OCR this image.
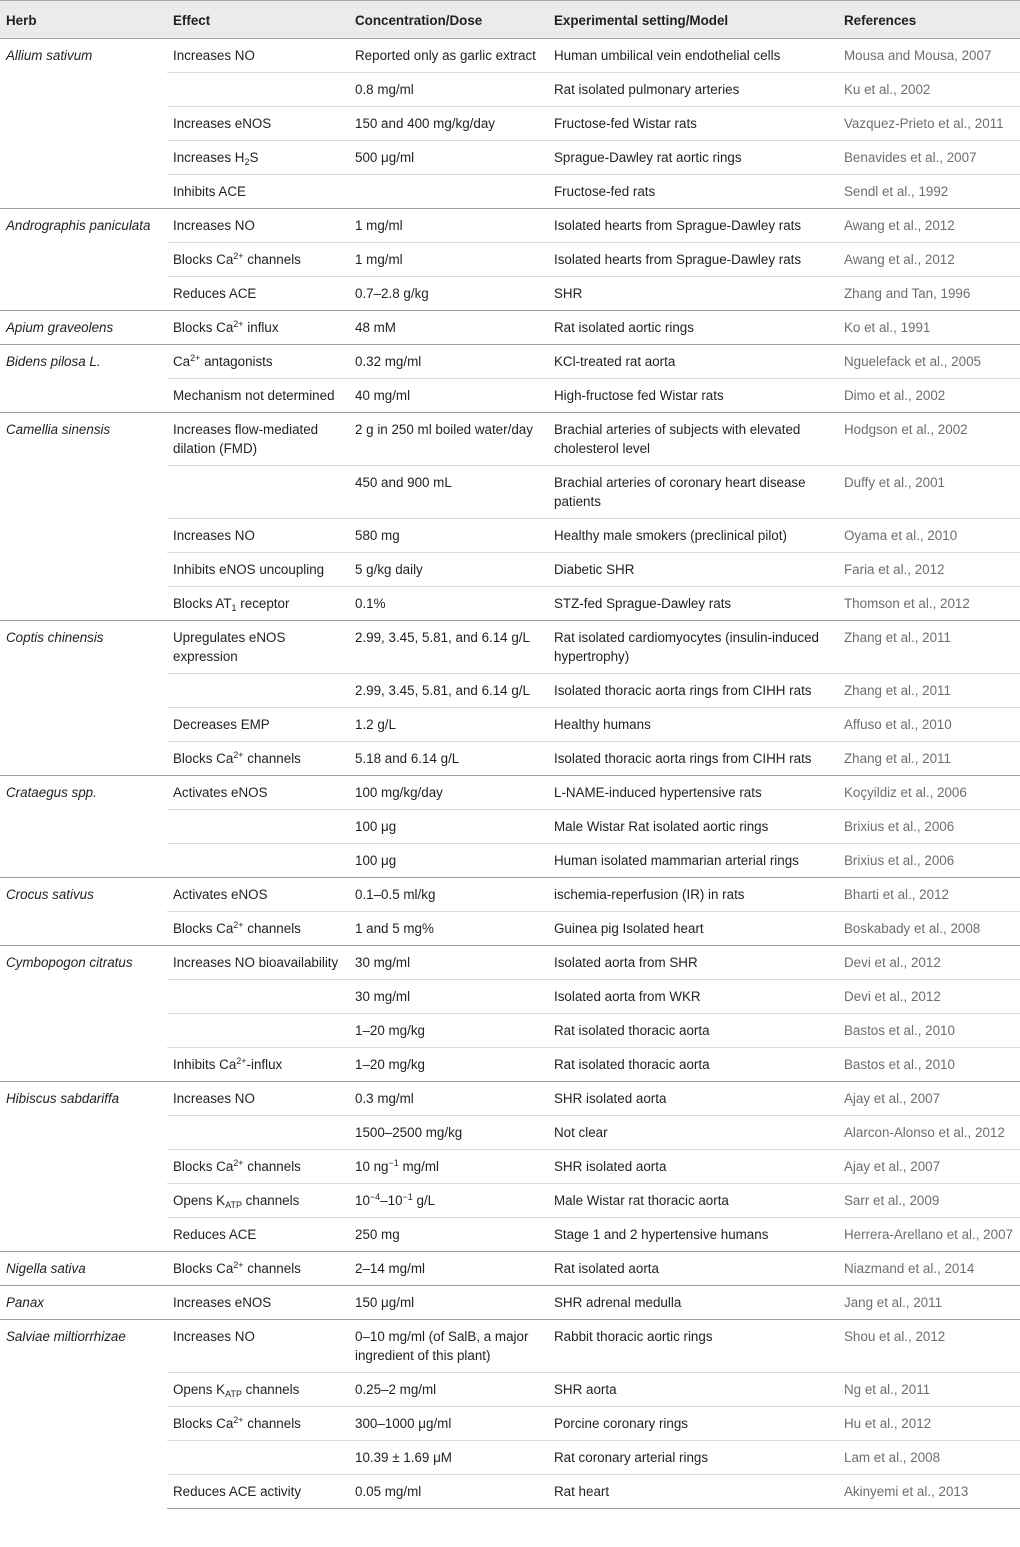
Herb	Effect	Concentration/Dose	Experimental setting/Model	References
Allium sativum	Increases NO	Reported only as garlic extract	Human umbilical vein endothelial cells	Mousa and Mousa, 2007
		0.8 mg/ml	Rat isolated pulmonary arteries	Ku et al., 2002
	Increases eNOS	150 and 400 mg/kg/day	Fructose-fed Wistar rats	Vazquez-Prieto et al., 2011
	Increases $H_2S$	500 μg/ml	Sprague-Dawley rat aortic rings	Benavides et al., 2007
	Inhibits ACE		Fructose-fed rats	Sendl et al., 1992
Andrographis paniculata	Increases NO	1 mg/ml	Isolated hearts from Sprague-Dawley rats	Awang et al., 2012
	Blocks $Ca^{2+}$ channels	1 mg/ml	Isolated hearts from Sprague-Dawley rats	Awang et al., 2012
	Reduces ACE	0.7–2.8 g/kg	SHR	Zhang and Tan, 1996
Apium graveolens	Blocks $Ca^{2+}$ influx	48 mM	Rat isolated aortic rings	Ko et al., 1991
Bidens pilosa L.	$Ca^{2+}$ antagonists	0.32 mg/ml	KCl-treated rat aorta	Nguelefack et al., 2005
	Mechanism not determined	40 mg/ml	High-fructose fed Wistar rats	Dimo et al., 2002
Camellia sinensis	Increases flow-mediated dilation (FMD)	2 g in 250 ml boiled water/day	Brachial arteries of subjects with elevated cholesterol level	Hodgson et al., 2002
		450 and 900 mL	Brachial arteries of coronary heart disease patients	Duffy et al., 2001
	Increases NO	580 mg	Healthy male smokers (preclinical pilot)	Oyama et al., 2010
	Inhibits eNOS uncoupling	5 g/kg daily	Diabetic SHR	Faria et al., 2012
	Blocks $AT_1$ receptor	0.1%	STZ-fed Sprague-Dawley rats	Thomson et al., 2012
Coptis chinensis	Upregulates eNOS expression	2.99, 3.45, 5.81, and 6.14 g/L	Rat isolated cardiomyocytes (insulin-induced hypertrophy)	Zhang et al., 2011
		2.99, 3.45, 5.81, and 6.14 g/L	Isolated thoracic aorta rings from CIHH rats	Zhang et al., 2011
	Decreases EMP	1.2 g/L	Healthy humans	Affuso et al., 2010
	Blocks $Ca^{2+}$ channels	5.18 and 6.14 g/L	Isolated thoracic aorta rings from CIHH rats	Zhang et al., 2011
Crataegus spp.	Activates eNOS	100 mg/kg/day	L-NAME-induced hypertensive rats	Koçyildiz et al., 2006
		100 μg	Male Wistar Rat isolated aortic rings	Brixius et al., 2006
		100 μg	Human isolated mammarian arterial rings	Brixius et al., 2006
Crocus sativus	Activates eNOS	0.1–0.5 ml/kg	ischemia-reperfusion (IR) in rats	Bharti et al., 2012
	Blocks $Ca^{2+}$ channels	1 and 5 mg%	Guinea pig Isolated heart	Boskabady et al., 2008
Cymbopogon citratus	Increases NO bioavailability	30 mg/ml	Isolated aorta from SHR	Devi et al., 2012
		30 mg/ml	Isolated aorta from WKR	Devi et al., 2012
		1–20 mg/kg	Rat isolated thoracic aorta	Bastos et al., 2010
	Inhibits $Ca^{2+}$-influx	1–20 mg/kg	Rat isolated thoracic aorta	Bastos et al., 2010
Hibiscus sabdariffa	Increases NO	0.3 mg/ml	SHR isolated aorta	Ajay et al., 2007
		1500–2500 mg/kg	Not clear	Alarcon-Alonso et al., 2012
	Blocks $Ca^{2+}$ channels	10 $ng^{-1}$ mg/ml	SHR isolated aorta	Ajay et al., 2007
	Opens $K_{ATP}$ channels	$10^{-4}-10^{-1}$ g/L	Male Wistar rat thoracic aorta	Sarr et al., 2009
	Reduces ACE	250 mg	Stage 1 and 2 hypertensive humans	Herrera-Arellano et al., 2007
Nigella sativa	Blocks $Ca^{2+}$ channels	2–14 mg/ml	Rat isolated aorta	Niazmand et al., 2014
Panax	Increases eNOS	150 μg/ml	SHR adrenal medulla	Jang et al., 2011
Salviae miltiorrhizae	Increases NO	0–10 mg/ml (of SalB, a major ingredient of this plant)	Rabbit thoracic aortic rings	Shou et al., 2012
	Opens $K_{ATP}$ channels	0.25–2 mg/ml	SHR aorta	Ng et al., 2011
	Blocks $Ca^{2+}$ channels	300–1000 μg/ml	Porcine coronary rings	Hu et al., 2012
		10.39 ± 1.69 μM	Rat coronary arterial rings	Lam et al., 2008
	Reduces ACE activity	0.05 mg/ml	Rat heart	Akinyemi et al., 2013
